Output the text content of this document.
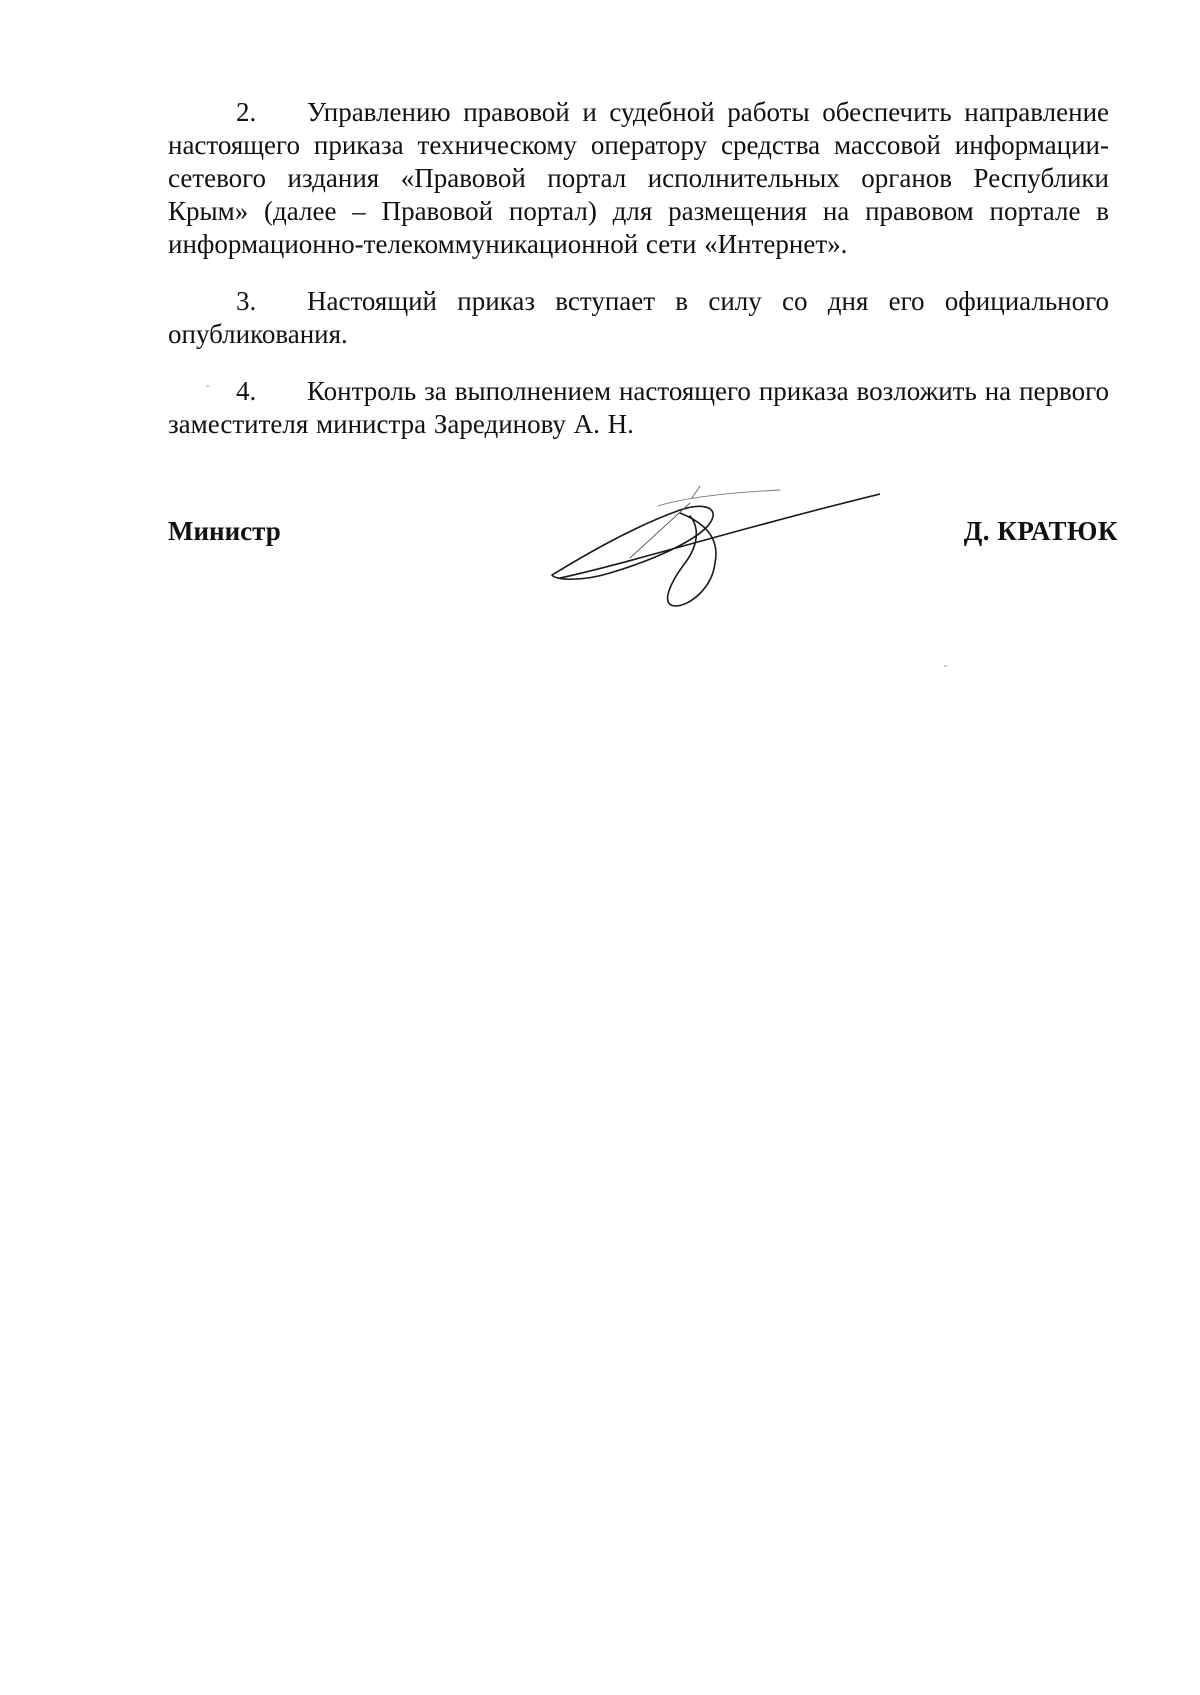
2. Управлению правовой и судебной работы обеспечить направление настоящего приказа техническому оператору средства массовой информации-сетевого издания «Правовой портал исполнительных органов Республики Крым» (далее – Правовой портал) для размещения на правовом портале в информационно-телекоммуникационной сети «Интернет».

3. Настоящий приказ вступает в силу со дня его официального опубликования.

4. Контроль за выполнением настоящего приказа возложить на первого заместителя министра Зарединову А. Н.

Министр	Д. КРАТЮК
